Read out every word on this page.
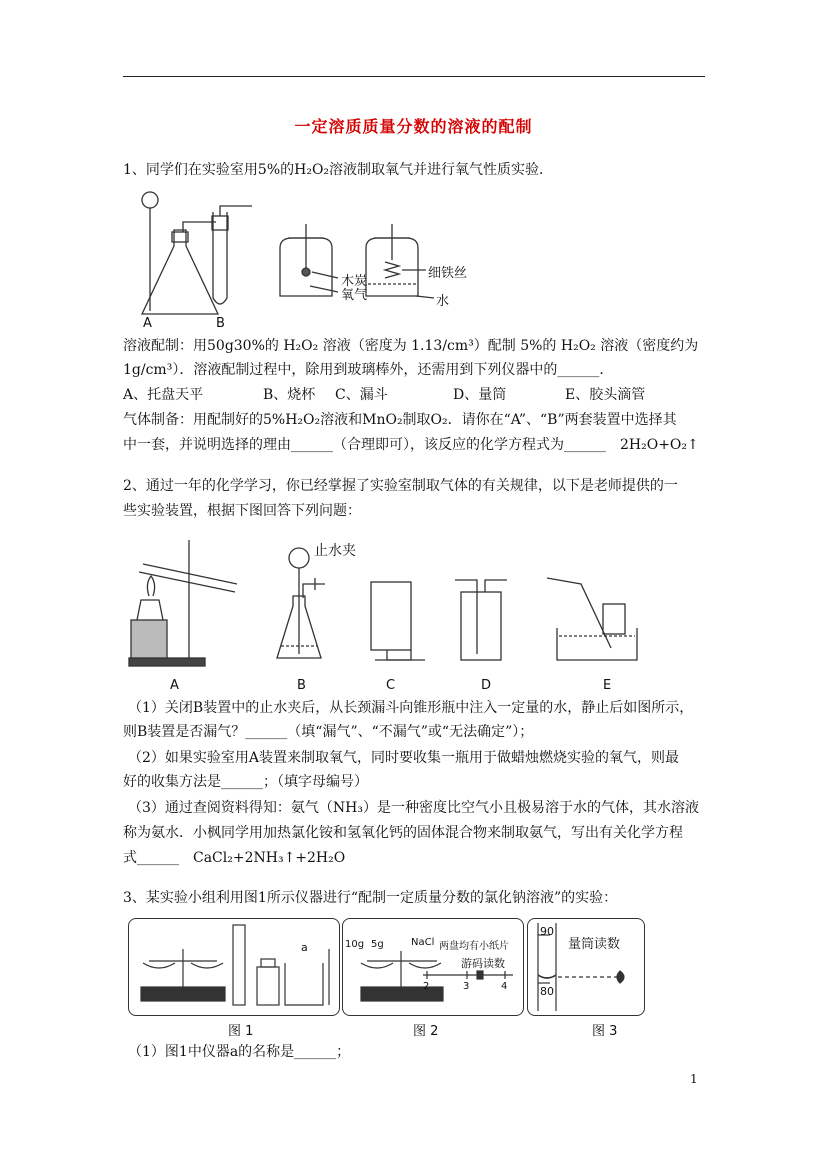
一定溶质质量分数的溶液的配制
1、同学们在实验室用5%的H₂O₂溶液制取氧气并进行氧气性质实验．
A	B
木炭
氧气
细铁丝
水
溶液配制：用50g30%的 H₂O₂ 溶液（密度为 1.13/cm³）配制 5%的 H₂O₂ 溶液（密度约为
1g/cm³）．溶液配制过程中，除用到玻璃棒外，还需用到下列仪器中的______．
A、托盘天平	B、烧杯 C、漏斗	D、量筒	E、胶头滴管
气体制备：用配制好的5%H₂O₂溶液和MnO₂制取O₂．请你在“A”、“B”两套装置中选择其
中一套，并说明选择的理由______（合理即可），该反应的化学方程式为______　2H₂O+O₂↑
2、通过一年的化学学习，你已经掌握了实验室制取气体的有关规律，以下是老师提供的一
些实验装置，根据下图回答下列问题：
止水夹
A	B	C	D	E
（1）关闭B装置中的止水夹后，从长颈漏斗向锥形瓶中注入一定量的水，静止后如图所示，
则B装置是否漏气？______（填“漏气”、“不漏气”或“无法确定”）；
（2）如果实验室用A装置来制取氧气，同时要收集一瓶用于做蜡烛燃烧实验的氧气，则最
好的收集方法是______；（填字母编号）
（3）通过查阅资料得知：氨气（NH₃）是一种密度比空气小且极易溶于水的气体，其水溶液
称为氨水．小枫同学用加热氯化铵和氢氧化钙的固体混合物来制取氨气，写出有关化学方程
式______　CaCl₂+2NH₃↑+2H₂O
3、某实验小组利用图1所示仪器进行“配制一定质量分数的氯化钠溶液”的实验：
a	10g 5g	NaCl 两盘均有小纸片
游码读数
2	3	4
90
80
量筒读数
图 1	图 2	图 3
（1）图1中仪器a的名称是______；
1
